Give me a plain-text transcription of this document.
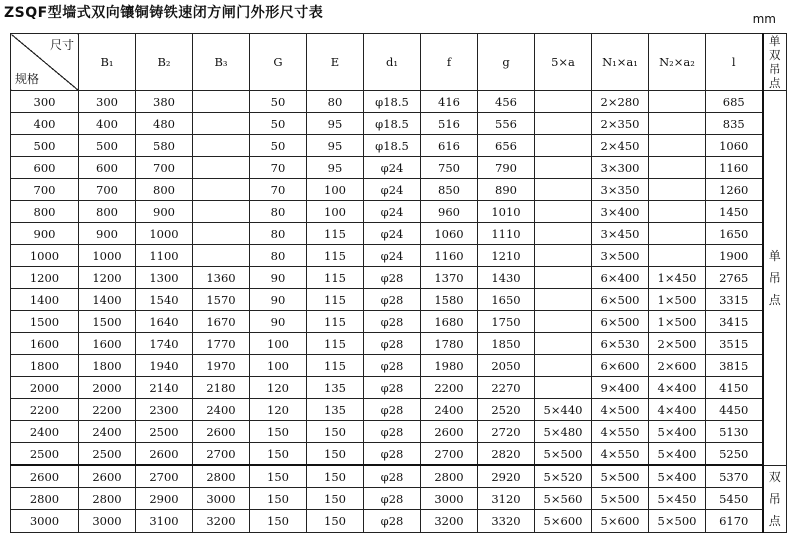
ZSQF型墙式双向镶铜铸铁速闭方闸门外形尺寸表	mm
尺寸
规格	B₁	B₂	B₃	G	E	d₁	f	g	5×a	N₁×a₁	N₂×a₂	l	单双吊点
300	300	380		50	80	φ18.5	416	456		2×280		685	单吊点

400	400	480		50	95	φ18.5	516	556		2×350		835	
500	500	580		50	95	φ18.5	616	656		2×450		1060	
600	600	700		70	95	φ24	750	790		3×300		1160	
700	700	800		70	100	φ24	850	890		3×350		1260	
800	800	900		80	100	φ24	960	1010		3×400		1450	
900	900	1000		80	115	φ24	1060	1110		3×450		1650	
1000	1000	1100		80	115	φ24	1160	1210		3×500		1900	
1200	1200	1300	1360	90	115	φ28	1370	1430		6×400	1×450	2765	
1400	1400	1540	1570	90	115	φ28	1580	1650		6×500	1×500	3315	
1500	1500	1640	1670	90	115	φ28	1680	1750		6×500	1×500	3415	
1600	1600	1740	1770	100	115	φ28	1780	1850		6×530	2×500	3515	
1800	1800	1940	1970	100	115	φ28	1980	2050		6×600	2×600	3815	
2000	2000	2140	2180	120	135	φ28	2200	2270		9×400	4×400	4150	
2200	2200	2300	2400	120	135	φ28	2400	2520	5×440	4×500	4×400	4450	
2400	2400	2500	2600	150	150	φ28	2600	2720	5×480	4×550	5×400	5130	
2500	2500	2600	2700	150	150	φ28	2700	2820	5×500	4×550	5×400	5250	
2600	2600	2700	2800	150	150	φ28	2800	2920	5×520	5×500	5×400	5370	双吊点

2800	2800	2900	3000	150	150	φ28	3000	3120	5×560	5×500	5×450	5450	
3000	3000	3100	3200	150	150	φ28	3200	3320	5×600	5×600	5×500	6170	
